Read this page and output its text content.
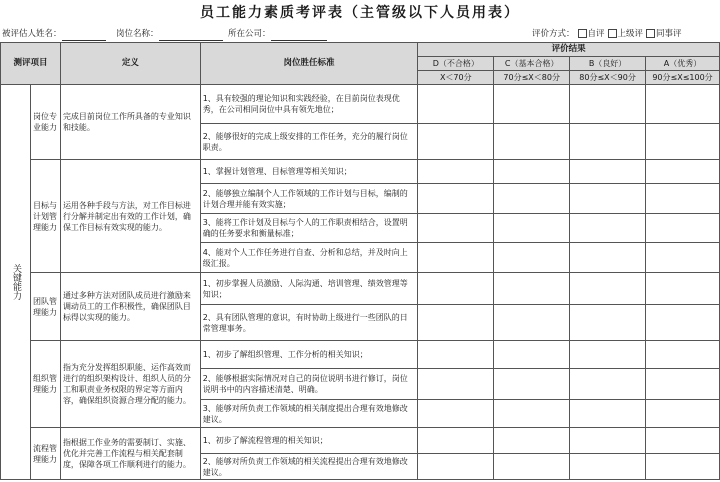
员工能力素质考评表（主管级以下人员用表）
被评估人姓名：	岗位名称：	所在公司：	评价方式： 自评 上级评 同事评
测评项目		定义	岗位胜任标准	评价结果			
				D（不合格）	C（基本合格）	B（良好）	A（优秀）
				X＜70分	70分≤X＜80分	80分≤X＜90分	90分≤X≤100分
关键能力	岗位专业能力	完成目前岗位工作所具备的专业知识和技能。	1、具有较强的理论知识和实践经验，在目前岗位表现优秀，在公司相同岗位中具有领先地位；				
			2、能够很好的完成上级安排的工作任务，充分的履行岗位职责。				
	目标与计划管理能力	运用各种手段与方法，对工作目标进行分解并制定出有效的工作计划，确保工作目标有效实现的能力。	1、掌握计划管理、目标管理等相关知识；				
			2、能够独立编制个人工作领域的工作计划与目标，编制的计划合理并能有效实施；				
			3、能将工作计划及目标与个人的工作职责相结合，设置明确的任务要求和衡量标准；				
			4、能对个人工作任务进行自查、分析和总结，并及时向上级汇报。				
	团队管理能力	通过多种方法对团队成员进行激励来调动员工的工作积极性，确保团队目标得以实现的能力。	1、初步掌握人员激励、人际沟通、培训管理、绩效管理等知识；				
			2、具有团队管理的意识，有时协助上级进行一些团队的日常管理事务。				
	组织管理能力	指为充分发挥组织职能、运作高效而进行的组织架构设计、组织人员的分工和职责业务权限的界定等方面内容，确保组织资源合理分配的能力。	1、初步了解组织管理、工作分析的相关知识；				
			2、能够根据实际情况对自己的岗位说明书进行修订，岗位说明书中的内容描述清楚、明确。				
			3、能够对所负责工作领域的相关制度提出合理有效地修改建议。				
	流程管理能力	指根据工作业务的需要制订、实施、优化并完善工作流程与相关配套制度，保障各项工作顺利进行的能力。	1、初步了解流程管理的相关知识；				
			2、能够对所负责工作领域的相关流程提出合理有效地修改建议。				
